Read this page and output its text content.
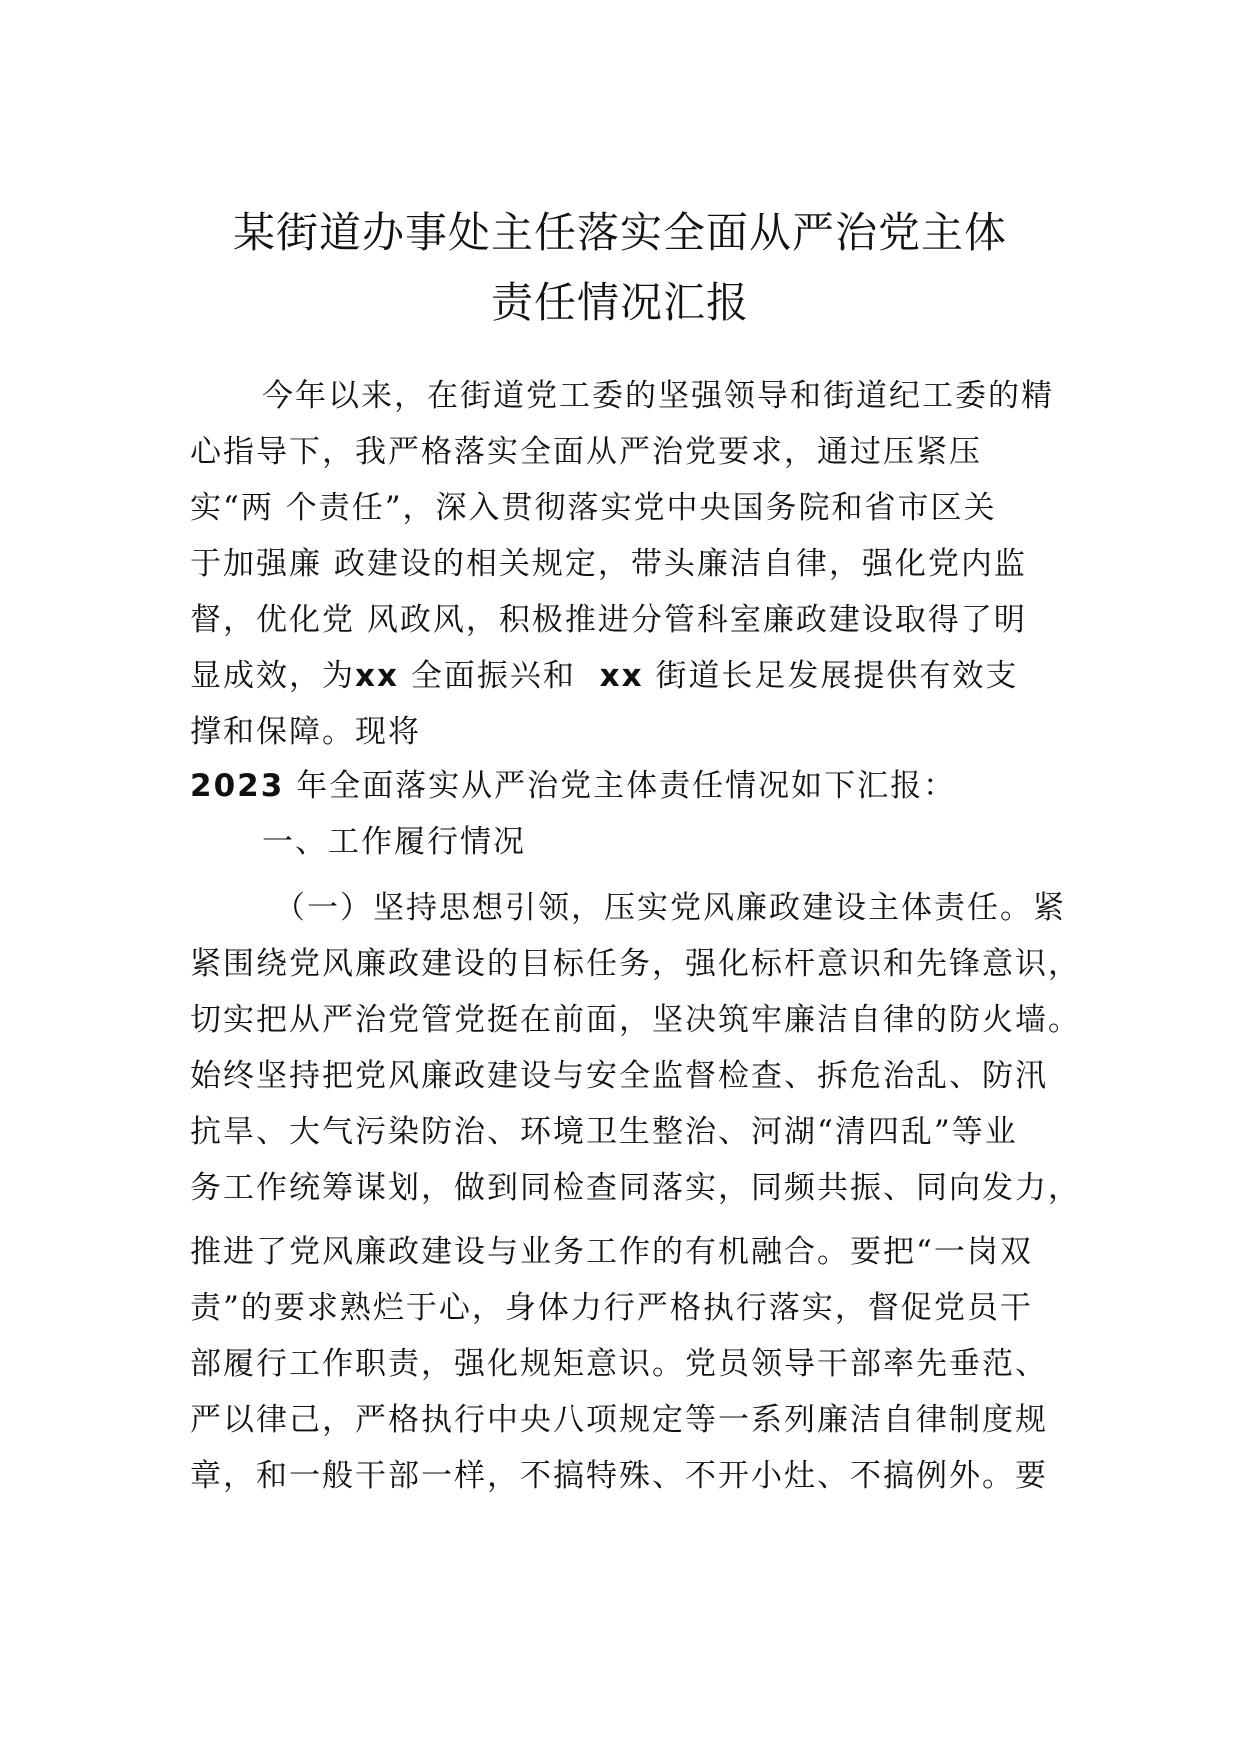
某街道办事处主任落实全面从严治党主体
责任情况汇报
今年以来，在街道党工委的坚强领导和街道纪工委的精
心指导下，我严格落实全面从严治党要求，通过压紧压
实“两 个责任”，深入贯彻落实党中央国务院和省市区关
于加强廉 政建设的相关规定，带头廉洁自律，强化党内监
督，优化党 风政风，积极推进分管科室廉政建设取得了明
显成效，为xx 全面振兴和 xx 街道长足发展提供有效支
撑和保障。现将
2023 年全面落实从严治党主体责任情况如下汇报：
一、工作履行情况
（一）坚持思想引领，压实党风廉政建设主体责任。紧
紧围绕党风廉政建设的目标任务，强化标杆意识和先锋意识，
切实把从严治党管党挺在前面，坚决筑牢廉洁自律的防火墙。
始终坚持把党风廉政建设与安全监督检查、拆危治乱、防汛
抗旱、大气污染防治、环境卫生整治、河湖“清四乱”等业
务工作统筹谋划，做到同检查同落实，同频共振、同向发力，
推进了党风廉政建设与业务工作的有机融合。要把“一岗双
责”的要求熟烂于心，身体力行严格执行落实，督促党员干
部履行工作职责，强化规矩意识。党员领导干部率先垂范、
严以律己，严格执行中央八项规定等一系列廉洁自律制度规
章，和一般干部一样，不搞特殊、不开小灶、不搞例外。要
